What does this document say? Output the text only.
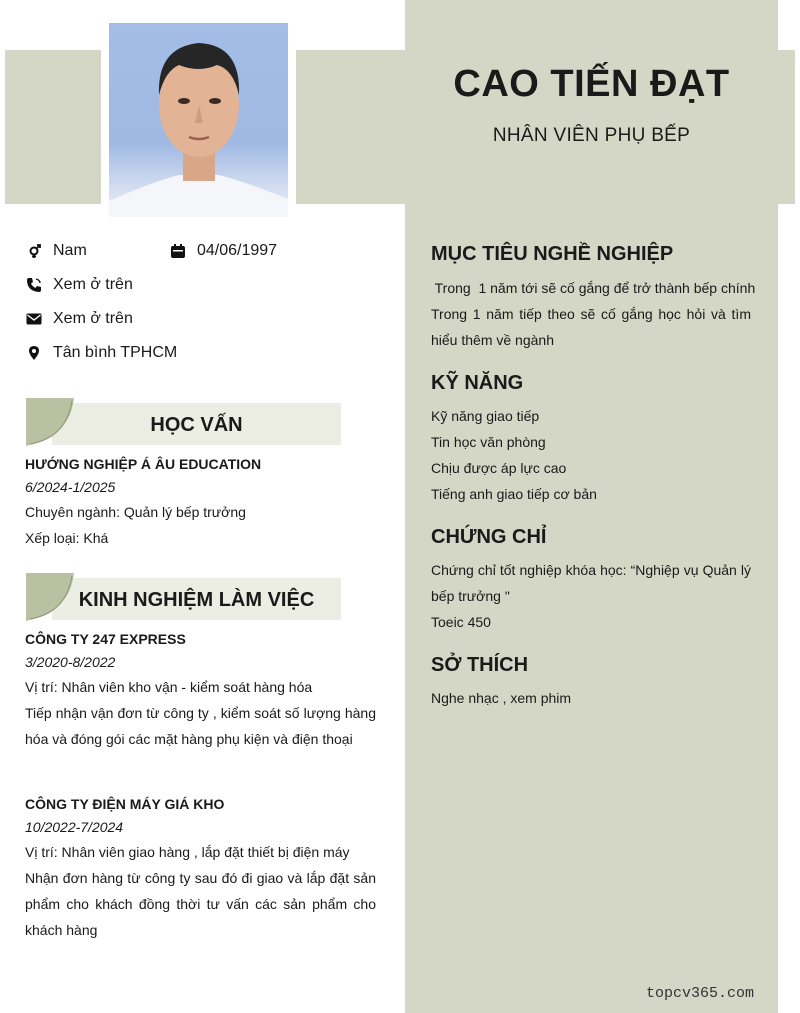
CAO TIẾN ĐẠT
NHÂN VIÊN PHỤ BẾP
Nam	04/06/1997
Xem ở trên
Xem ở trên
Tân bình TPHCM
HỌC VẤN
HƯỚNG NGHIỆP Á ÂU EDUCATION
6/2024-1/2025
Chuyên ngành: Quản lý bếp trưởng
Xếp loại: Khá
KINH NGHIỆM LÀM VIỆC
CÔNG TY 247 EXPRESS
3/2020-8/2022
Vị trí: Nhân viên kho vận - kiểm soát hàng hóa
Tiếp nhận vận đơn từ công ty , kiểm soát số lượng hàng hóa và đóng gói các mặt hàng phụ kiện và điện thoại
CÔNG TY ĐIỆN MÁY GIÁ KHO
10/2022-7/2024
Vị trí: Nhân viên giao hàng , lắp đặt thiết bị điện máy
Nhận đơn hàng từ công ty sau đó đi giao và lắp đặt sản phẩm cho khách đồng thời tư vấn các sản phẩm cho khách hàng
MỤC TIÊU NGHỀ NGHIỆP
Trong  1 năm tới sẽ cố gắng để trở thành bếp chính
Trong 1 năm tiếp theo sẽ cố gắng học hỏi và tìm hiểu thêm về ngành
KỸ NĂNG
Kỹ năng giao tiếp
Tin học văn phòng
Chịu được áp lực cao
Tiếng anh giao tiếp cơ bản
CHỨNG CHỈ
Chứng chỉ tốt nghiệp khóa học: “Nghiệp vụ Quản lý bếp trưởng "
Toeic 450
SỞ THÍCH
Nghe nhạc , xem phim
topcv365.com
